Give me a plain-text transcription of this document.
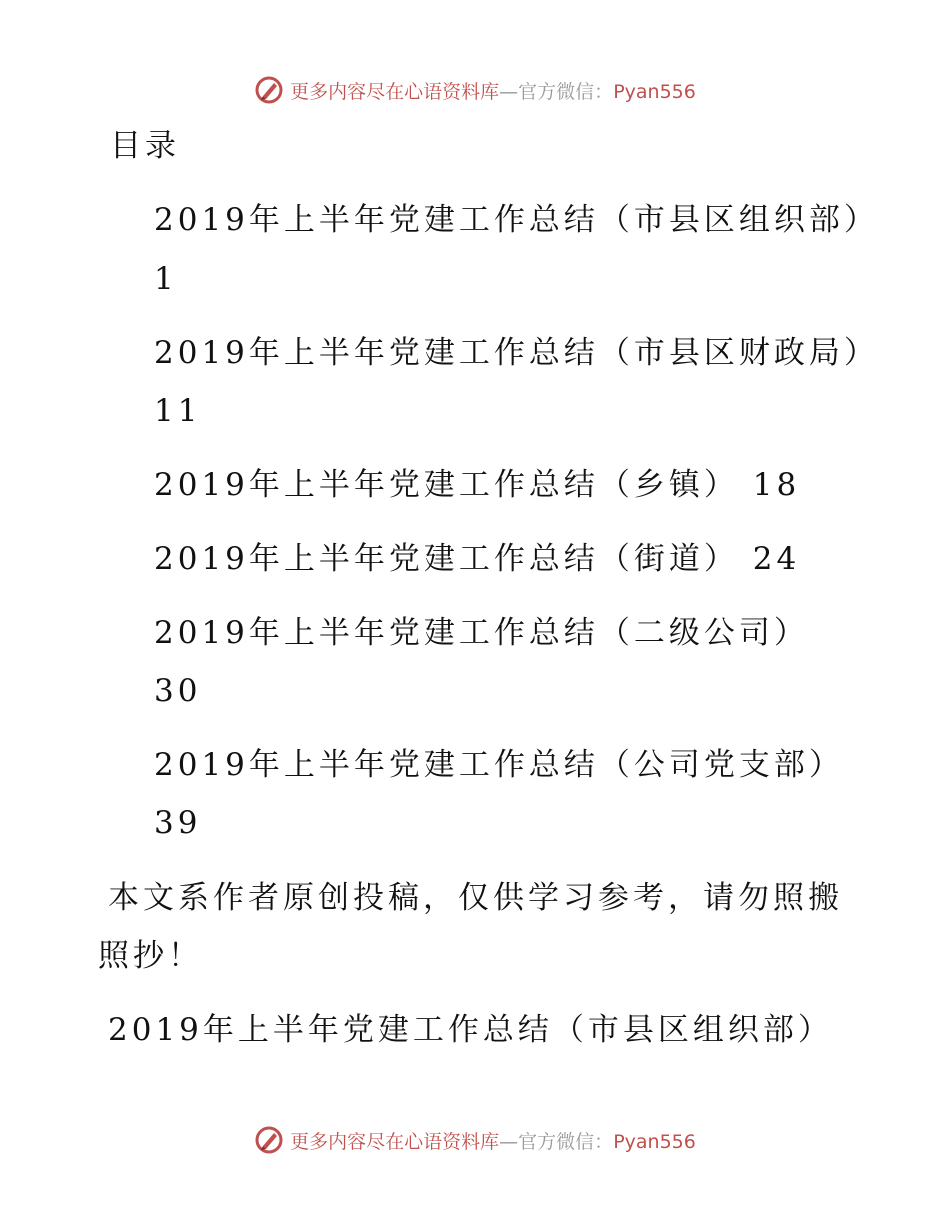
更多内容尽在心语资料库—官方微信：Pyan556
目录
2019年上半年党建工作总结（市县区组织部）
1
2019年上半年党建工作总结（市县区财政局）
11
2019年上半年党建工作总结（乡镇） 18
2019年上半年党建工作总结（街道） 24
2019年上半年党建工作总结（二级公司）
30
2019年上半年党建工作总结（公司党支部）
39
本文系作者原创投稿，仅供学习参考，请勿照搬
照抄！
2019年上半年党建工作总结（市县区组织部）
更多内容尽在心语资料库—官方微信：Pyan556
